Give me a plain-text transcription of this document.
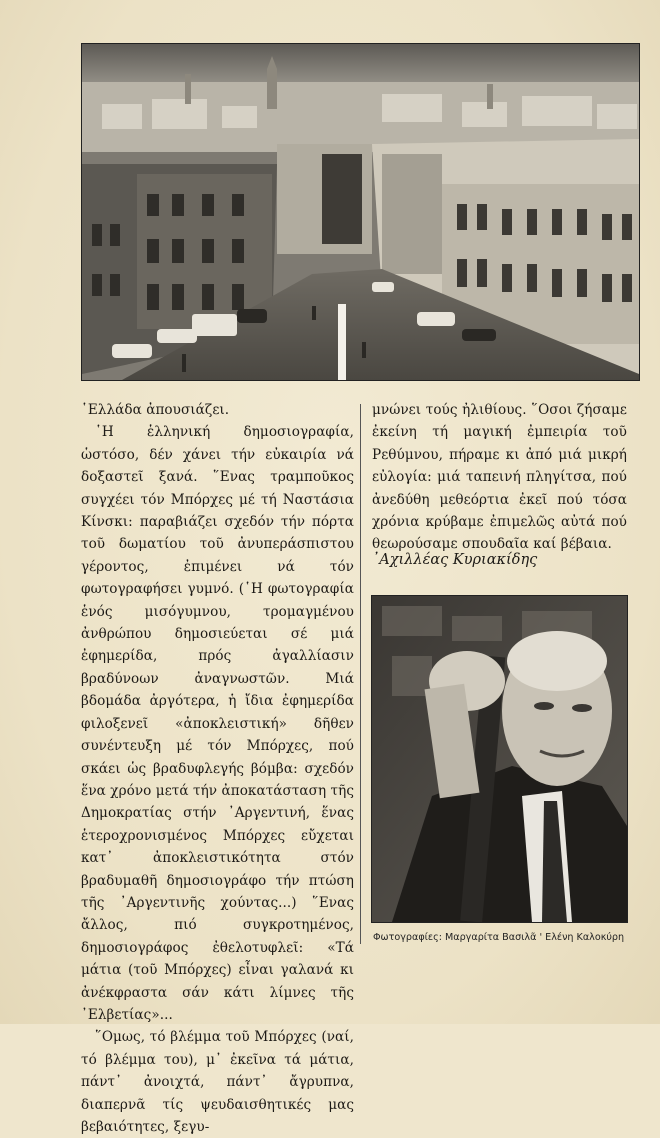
῾Ελλάδα ἀπουσιάζει.

῾Η ἑλληνική δημοσιογραφία, ὡστόσο, δέν χάνει τήν εὐκαιρία νά δοξαστεῖ ξανά. ῞Ενας τραμποῦκος συγχέει τόν Μπόρχες μέ τή Ναστάσια Κίνσκι: παραβιάζει σχεδόν τήν πόρτα τοῦ δωματίου τοῦ ἀνυπεράσπιστου γέροντος, ἐπιμένει νά τόν φωτογραφήσει γυμνό. (῾Η φωτογραφία ἑνός μισόγυμνου, τρομαγμένου ἀνθρώπου δημοσιεύεται σέ μιά ἐφημερίδα, πρός ἀγαλλίασιν βραδύνοων ἀναγνωστῶν. Μιά βδομάδα ἀργότερα, ἡ ἴδια ἐφημερίδα φιλοξενεῖ «ἀποκλειστική» δῆθεν συνέντευξη μέ τόν Μπόρχες, πού σκάει ὡς βραδυφλεγής βόμβα: σχεδόν ἕνα χρόνο μετά τήν ἀποκατάσταση τῆς Δημοκρατίας στήν ᾿Αργεντινή, ἕνας ἑτεροχρονισμένος Μπόρχες εὔχεται κατ᾿ ἀποκλειστικότητα στόν βραδυμαθῆ δημοσιογράφο τήν πτώση τῆς ᾿Αργεντινῆς χούντας...) ῞Ενας ἄλλος, πιό συγκροτημένος, δημοσιογράφος ἐθελοτυφλεῖ: «Τά μάτια (τοῦ Μπόρχες) εἶναι γαλανά κι ἀνέκφραστα σάν κάτι λίμνες τῆς ᾿Ελβετίας»...

῞Ομως, τό βλέμμα τοῦ Μπόρχες (ναί, τό βλέμμα του), μ᾿ ἐκεῖνα τά μάτια, πάντ᾿ ἀνοιχτά, πάντ᾿ ἄγρυπνα, διαπερνᾶ τίς ψευδαισθητικές μας βεβαιότητες, ξεγυ-

μνώνει τούς ἠλιθίους. ῞Οσοι ζήσαμε ἐκείνη τή μαγική ἐμπειρία τοῦ Ρεθύμνου, πήραμε κι ἀπό μιά μικρή εὐλογία: μιά ταπεινή πληγίτσα, πού ἀνεδύθη μεθεόρτια ἐκεῖ πού τόσα χρόνια κρύβαμε ἐπιμελῶς αὐτά πού θεωρούσαμε σπουδαῖα καί βέβαια.

᾿Αχιλλέας Κυριακίδης
Φωτογραφίες: Μαργαρίτα Βασιλᾶ ' Ελένη Καλοκύρη
